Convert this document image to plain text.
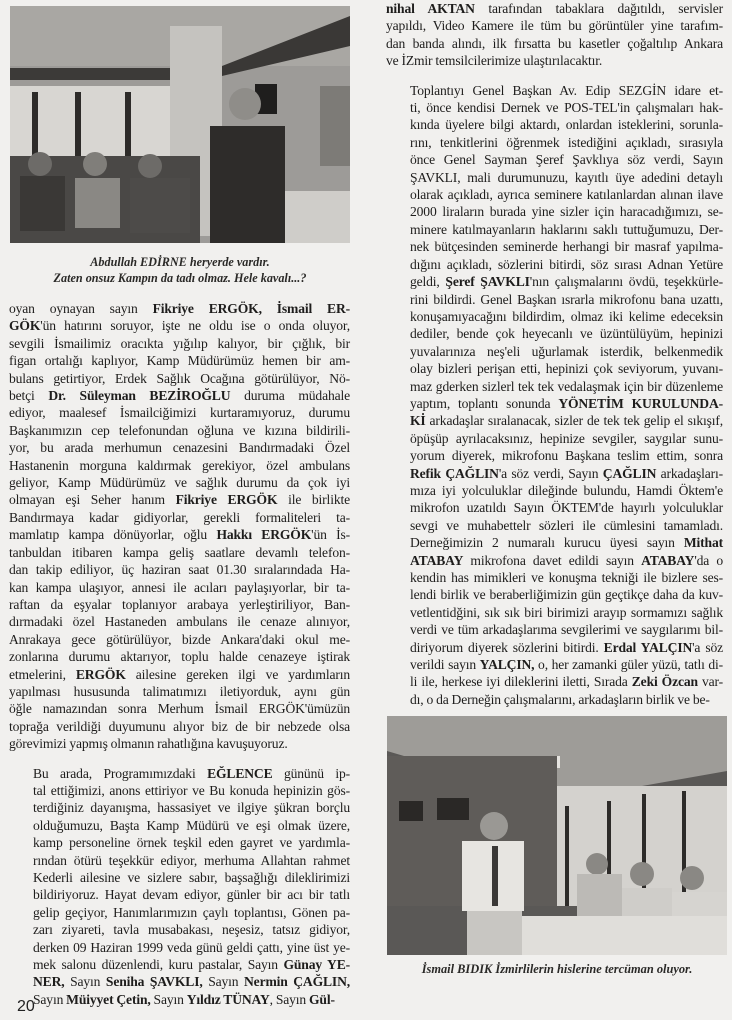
Abdullah EDİRNE heryerde vardır.
Zaten onsuz Kampın da tadı olmaz. Hele kavalı...?

oyan oynayan sayın Fikriye ERGÖK, İsmail ER-
GÖK'ün hatırını soruyor, işte ne oldu ise o onda oluyor,
sevgili İsmailimiz oracıkta yığılıp kalıyor, bir çığlık, bir
figan ortalığı kaplıyor, Kamp Müdürümüz hemen bir am-
bulans getirtiyor, Erdek Sağlık Ocağına götürülüyor, Nö-
betçi Dr. Süleyman BEZİROĞLU duruma müdahale
ediyor, maalesef İsmailciğimizi kurtaramıyoruz, durumu
Başkanımızın cep telefonundan oğluna ve kızına bildirili-
yor, bu arada merhumun cenazesini Bandırmadaki Özel
Hastanenin morguna kaldırmak gerekiyor, özel ambulans
geliyor, Kamp Müdürümüz ve sağlık durumu da çok iyi
olmayan eşi Seher hanım Fikriye ERGÖK ile birlikte
Bandırmaya kadar gidiyorlar, gerekli formaliteleri ta-
mamlatıp kampa dönüyorlar, oğlu Hakkı ERGÖK'ün İs-
tanbuldan itibaren kampa geliş saatlare devamlı telefon-
dan takip ediliyor, üç haziran saat 01.30 sıralarındada Ha-
kan kampa ulaşıyor, annesi ile acıları paylaşıyorlar, bir ta-
raftan da eşyalar toplanıyor arabaya yerleştiriliyor, Ban-
dırmadaki özel Hastaneden ambulans ile cenaze alınıyor,
Anrakaya gece götürülüyor, bizde Ankara'daki okul me-
zonlarına durumu aktarıyor, toplu halde cenazeye iştirak
etmelerini, ERGÖK ailesine gereken ilgi ve yardımların
yapılması hususunda talimatımızı iletiyorduk, aynı gün
öğle namazından sonra Merhum İsmail ERGÖK'ümüzün
toprağa verildiği duyumunu alıyor biz de bir nebzede olsa
görevimizi yapmış olmanın rahatlığına kavuşuyoruz.

Bu arada, Programımızdaki EĞLENCE gününü ip-
tal ettiğimizi, anons ettiriyor ve Bu konuda hepinizin gös-
terdiğiniz dayanışma, hassasiyet ve ilgiye şükran borçlu
olduğumuzu, Başta Kamp Müdürü ve eşi olmak üzere,
kamp personeline örnek teşkil eden gayret ve yardımla-
rından ötürü teşekkür ediyor, merhuma Allahtan rahmet
Kederli ailesine ve sizlere sabır, başsağlığı dileklirimizi
bildiriyoruz. Hayat devam ediyor, günler bir acı bir tatlı
gelip geçiyor, Hanımlarımızın çaylı toplantısı, Gönen pa-
zarı ziyareti, tavla musabakası, neşesiz, tatsız gidiyor,
derken 09 Haziran 1999 veda günü geldi çattı, yine üst ye-
mek salonu düzenlendi, kuru pastalar, Sayın Günay YE-
NER, Sayın Seniha ŞAVKLI, Sayın Nermin ÇAĞLIN,
Sayın Müiyyet Çetin, Sayın Yıldız TÜNAY, Sayın Gül-

nihal AKTAN tarafından tabaklara dağıtıldı, servisler
yapıldı, Video Kamere ile tüm bu görüntüler yine tarafım-
dan banda alındı, ilk fırsatta bu kasetler çoğaltılıp Ankara
ve İZmir temsilcilerimize ulaştırılacaktır.

Toplantıyı Genel Başkan Av. Edip SEZGİN idare et-
ti, önce kendisi Dernek ve POS-TEL'in çalışmaları hak-
kında üyelere bilgi aktardı, onlardan isteklerini, sorunla-
rını, tenkitlerini öğrenmek istediğini açıkladı, sırasıyla
önce Genel Sayman Şeref Şavklıya söz verdi, Sayın
ŞAVKLI, mali durumunuzu, kayıtlı üye adedini detaylı
olarak açıkladı, ayrıca seminere katılanlardan alınan ilave
2000 liraların burada yine sizler için haracadığımızı, se-
minere katılmayanların haklarını saklı tuttuğumuzu, Der-
nek bütçesinden seminerde herhangi bir masraf yapılma-
dığını açıkladı, sözlerini bitirdi, söz sırası Adnan Yetüre
geldi, Şeref ŞAVKLI'nın çalışmalarını övdü, teşekkürle-
rini bildirdi. Genel Başkan ısrarla mikrofonu bana uzattı,
konuşamıyacağını bildirdim, olmaz iki kelime edeceksin
dediler, bende çok heyecanlı ve üzüntülüyüm, hepinizi
yuvalarınıza neş'eli uğurlamak isterdik, belkenmedik
olay bizleri perişan etti, hepinizi çok seviyorum, yuvanı-
maz gderken sizlerl tek tek vedalaşmak için bir düzenleme
yaptım, toplantı sonunda YÖNETİM KURULUNDA-
Kİ arkadaşlar sıralanacak, sizler de tek tek gelip el sıkışıf,
öpüşüp ayrılacaksınız, hepinize sevgiler, saygılar sunu-
yorum diyerek, mikrofonu Başkana teslim ettim, sonra
Refik ÇAĞLIN'a söz verdi, Sayın ÇAĞLIN arkadaşları-
mıza iyi yolculuklar dileğinde bulundu, Hamdi Öktem'e
mikrofon uzatıldı Sayın ÖKTEM'de hayırlı yolculuklar
sevgi ve muhabettelr sözleri ile cümlesini tamamladı.
Derneğimizin 2 numaralı kurucu üyesi sayın Mithat
ATABAY mikrofona davet edildi sayın ATABAY'da o
kendin has mimikleri ve konuşma tekniği ile bizlere ses-
lendi birlik ve beraberliğimizin gün geçtikçe daha da kuv-
vetlentidğini, sık sık biri birimizi arayıp sormamızı sağlık
verdi ve tüm arkadaşlarıma sevgilerimi ve saygılarımı bil-
diriyorum diyerek sözlerini bitirdi. Erdal YALÇIN'a söz
verildi sayın YALÇIN, o, her zamanki güler yüzü, tatlı di-
li ile, herkese iyi dileklerini iletti, Sırada Zeki Özcan var-
dı, o da Derneğin çalışmalarını, arkadaşların birlik ve be-

İsmail BIDIK İzmirlilerin hislerine tercüman oluyor.
20
